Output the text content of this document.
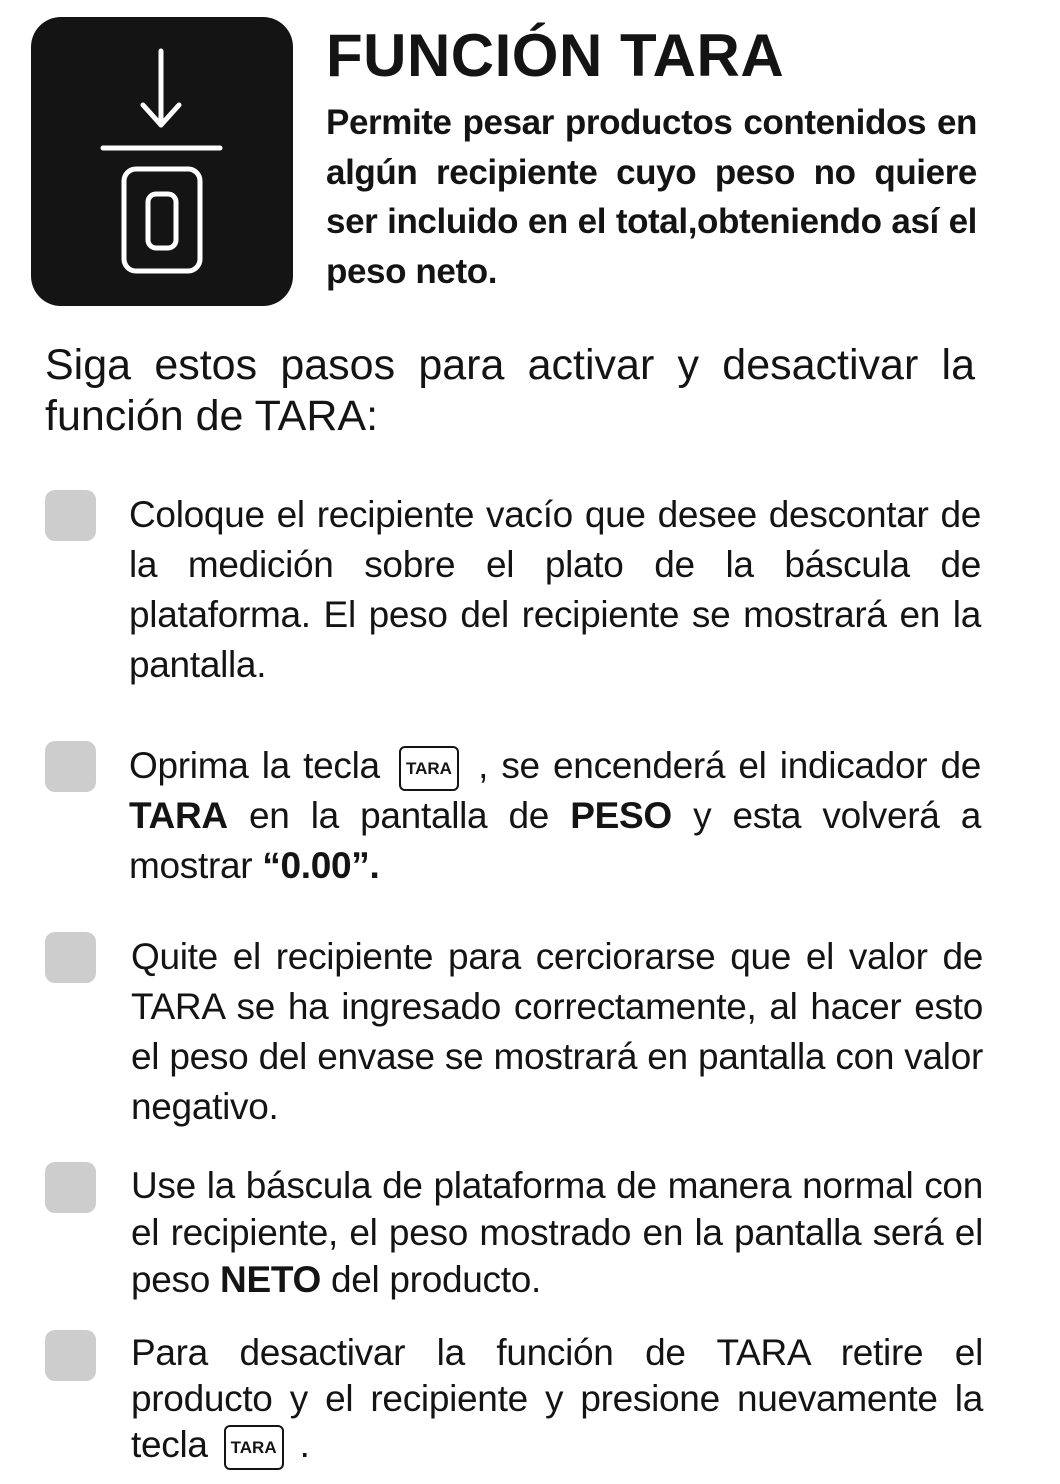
FUNCIÓN TARA
Permite pesar productos contenidos en algún recipiente cuyo peso no quiere ser incluido en el total,obteniendo así el peso neto.
Siga estos pasos para activar y desactivar la función de TARA:
Coloque el recipiente vacío que desee descontar de la medición sobre el plato de la báscula de plataforma. El peso del recipiente se mostrará en la pantalla.
Oprima la tecla TARA , se encenderá el indicador de TARA en la pantalla de PESO y esta volverá a mostrar “0.00”.
Quite el recipiente para cerciorarse que el valor de TARA se ha ingresado correctamente, al hacer esto el peso del envase se mostrará en pantalla con valor negativo.
Use la báscula de plataforma de manera normal con el recipiente, el peso mostrado en la pantalla será el peso NETO del producto.
Para desactivar la función de TARA retire el producto y el recipiente y presione nuevamente la tecla TARA .
